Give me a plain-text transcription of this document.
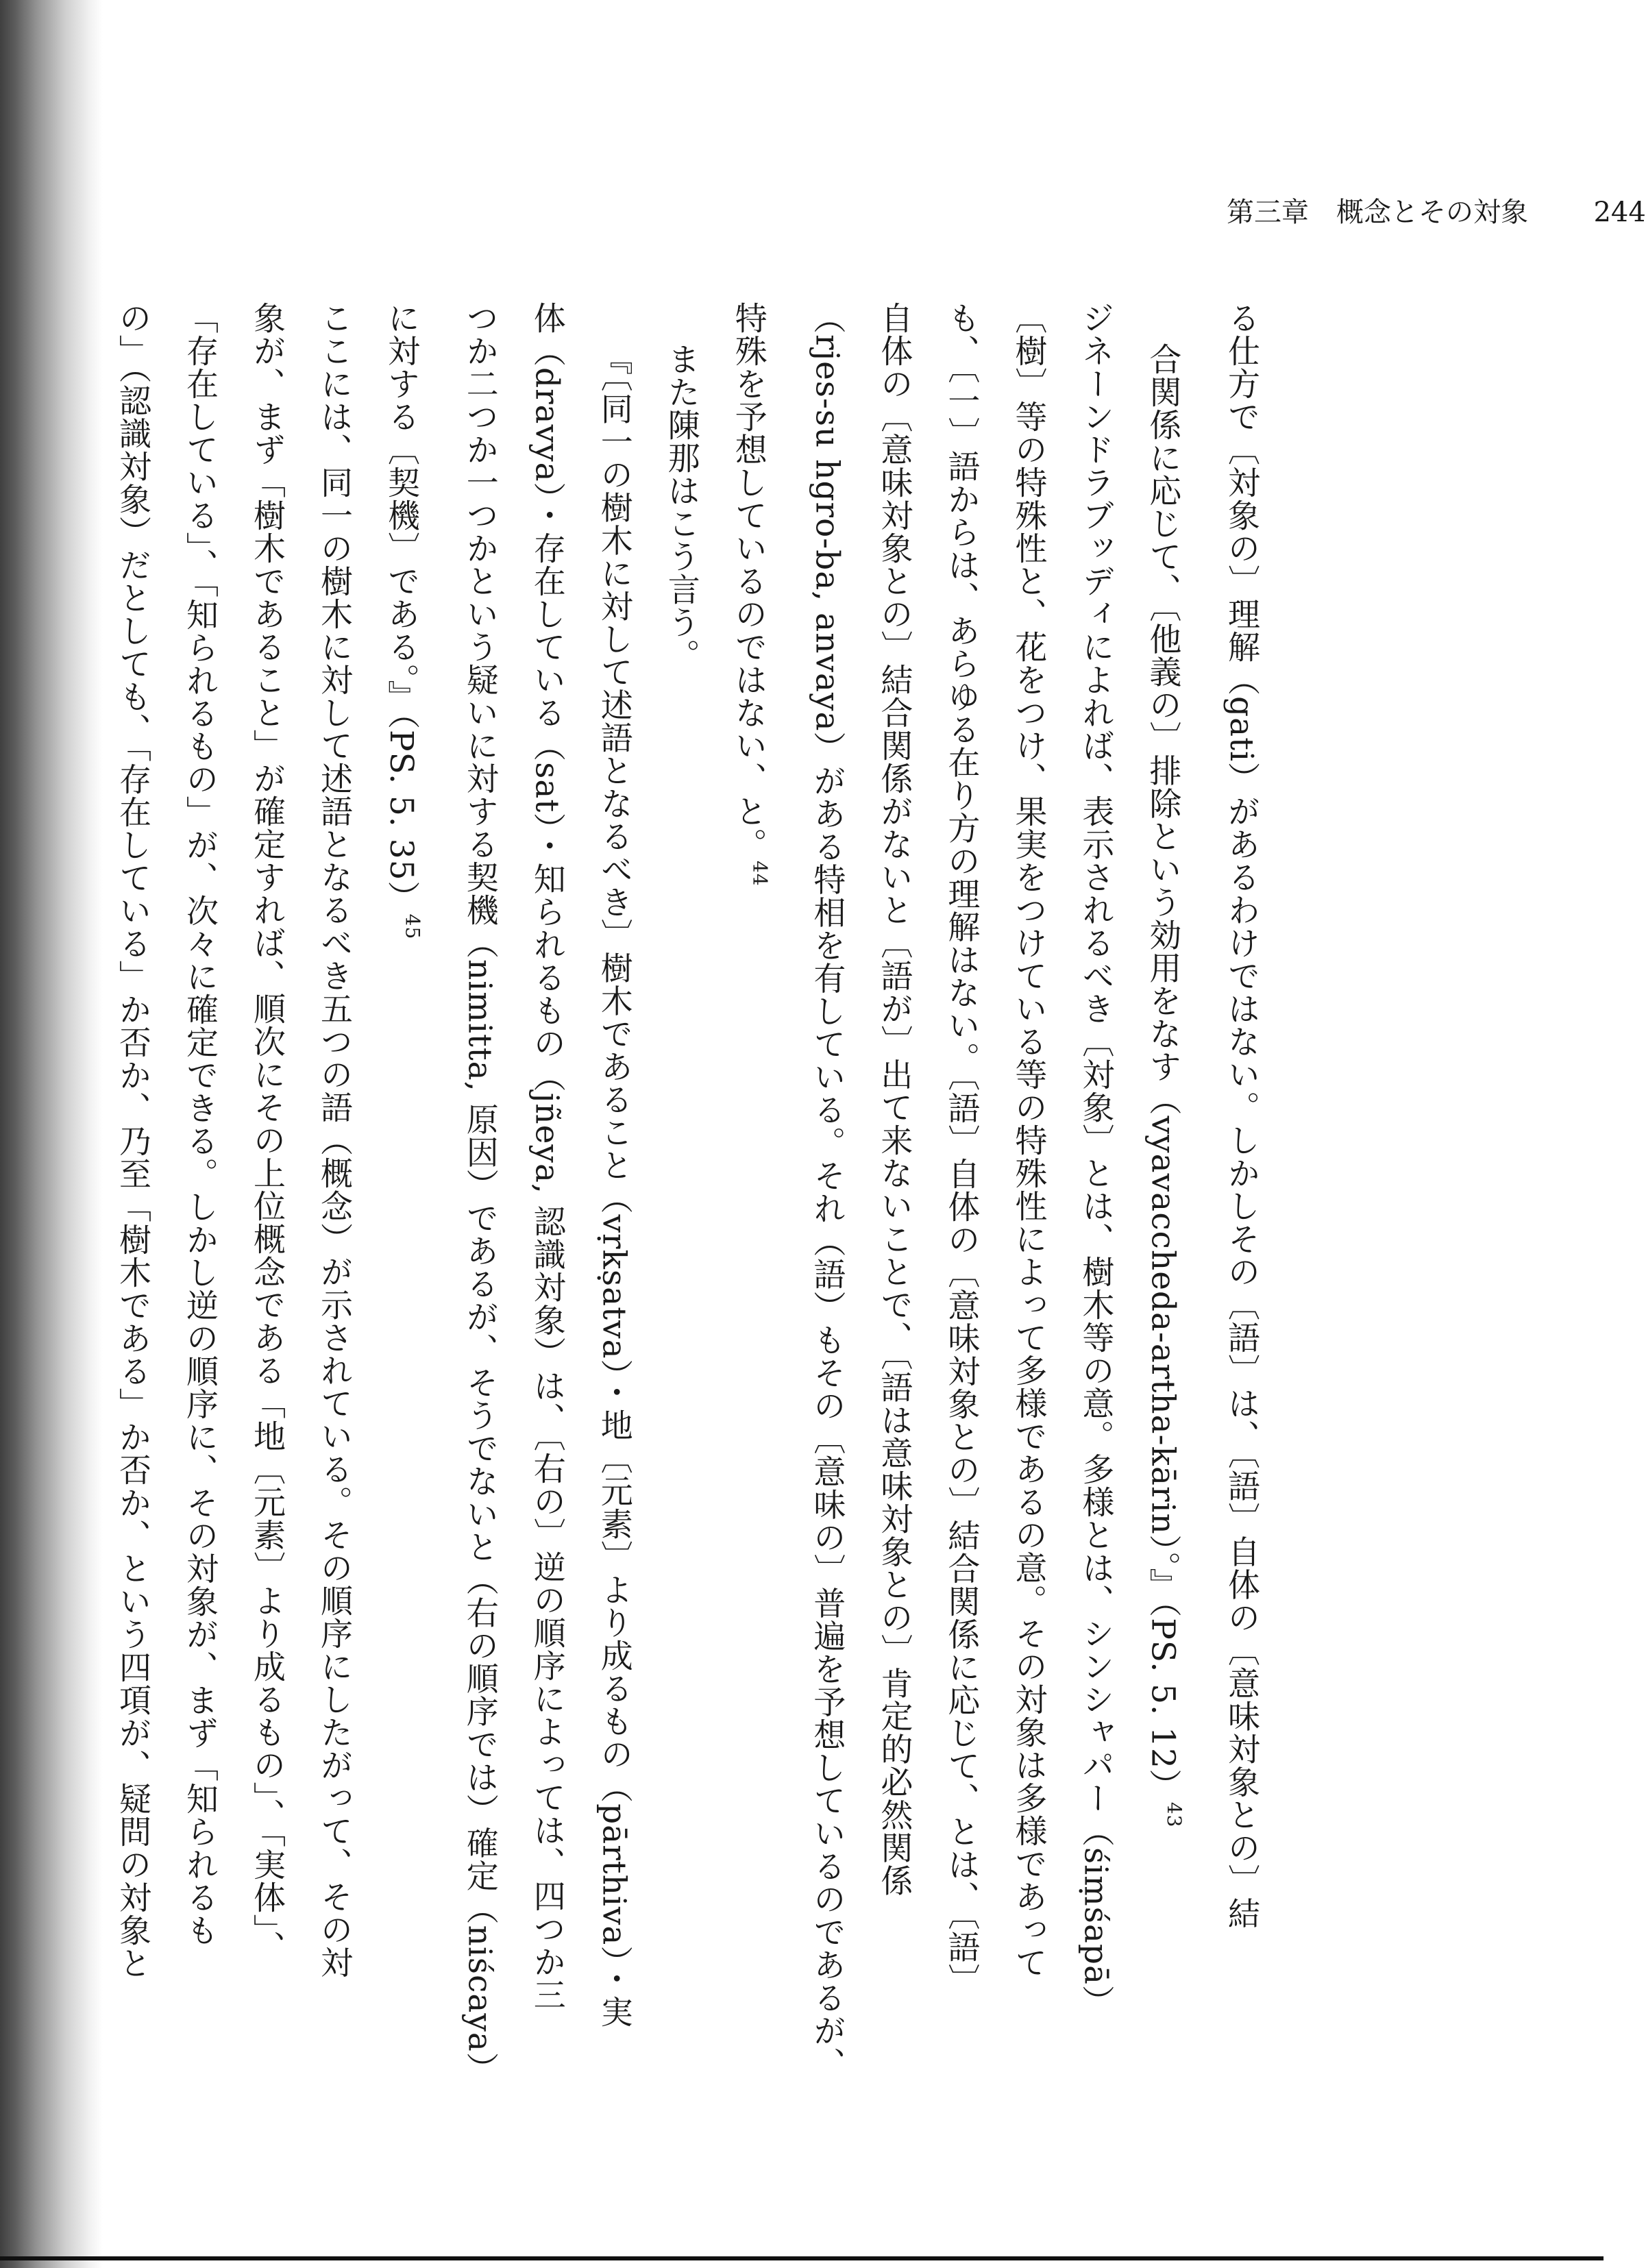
第三章　概念とその対象 244
る仕方で〔対象の〕理解（gati）があるわけではない。しかしその〔語〕は、〔語〕自体の〔意味対象との〕結
合関係に応じて、〔他義の〕排除という効用をなす（vyavaccheda-artha-kārin）。』（PS. 5. 12）$^{43}$
ジネーンドラブッディによれば、表示されるべき〔対象〕とは、樹木等の意。多様とは、シンシャパー（śiṃśapā）
〔樹〕等の特殊性と、花をつけ、果実をつけている等の特殊性によって多様であるの意。その対象は多様であって
も、〔一〕語からは、あらゆる在り方の理解はない。〔語〕自体の〔意味対象との〕結合関係に応じて、とは、〔語〕
自体の〔意味対象との〕結合関係がないと〔語が〕出て来ないことで、〔語は意味対象との〕肯定的必然関係
（rjes-su hgro-ba, anvaya）がある特相を有している。それ（語）もその〔意味の〕普遍を予想しているのであるが、
特殊を予想しているのではない、と。$^{44}$
また陳那はこう言う。
『〔同一の樹木に対して述語となるべき〕樹木であること（vṛkṣatva）・地〔元素〕より成るもの（pārthiva）・実
体（dravya）・存在している（sat）・知られるもの（jñeya, 認識対象）は、〔右の〕逆の順序によっては、四つか三
つか二つか一つかという疑いに対する契機（nimitta, 原因）であるが、そうでないと（右の順序では）確定（niścaya）
に対する〔契機〕である。』（PS. 5. 35）$^{45}$
ここには、同一の樹木に対して述語となるべき五つの語（概念）が示されている。その順序にしたがって、その対
象が、まず「樹木であること」が確定すれば、順次にその上位概念である「地〔元素〕より成るもの」、「実体」、
「存在している」、「知られるもの」が、次々に確定できる。しかし逆の順序に、その対象が、まず「知られるも
の」（認識対象）だとしても、「存在している」か否か、乃至「樹木である」か否か、という四項が、疑問の対象と
